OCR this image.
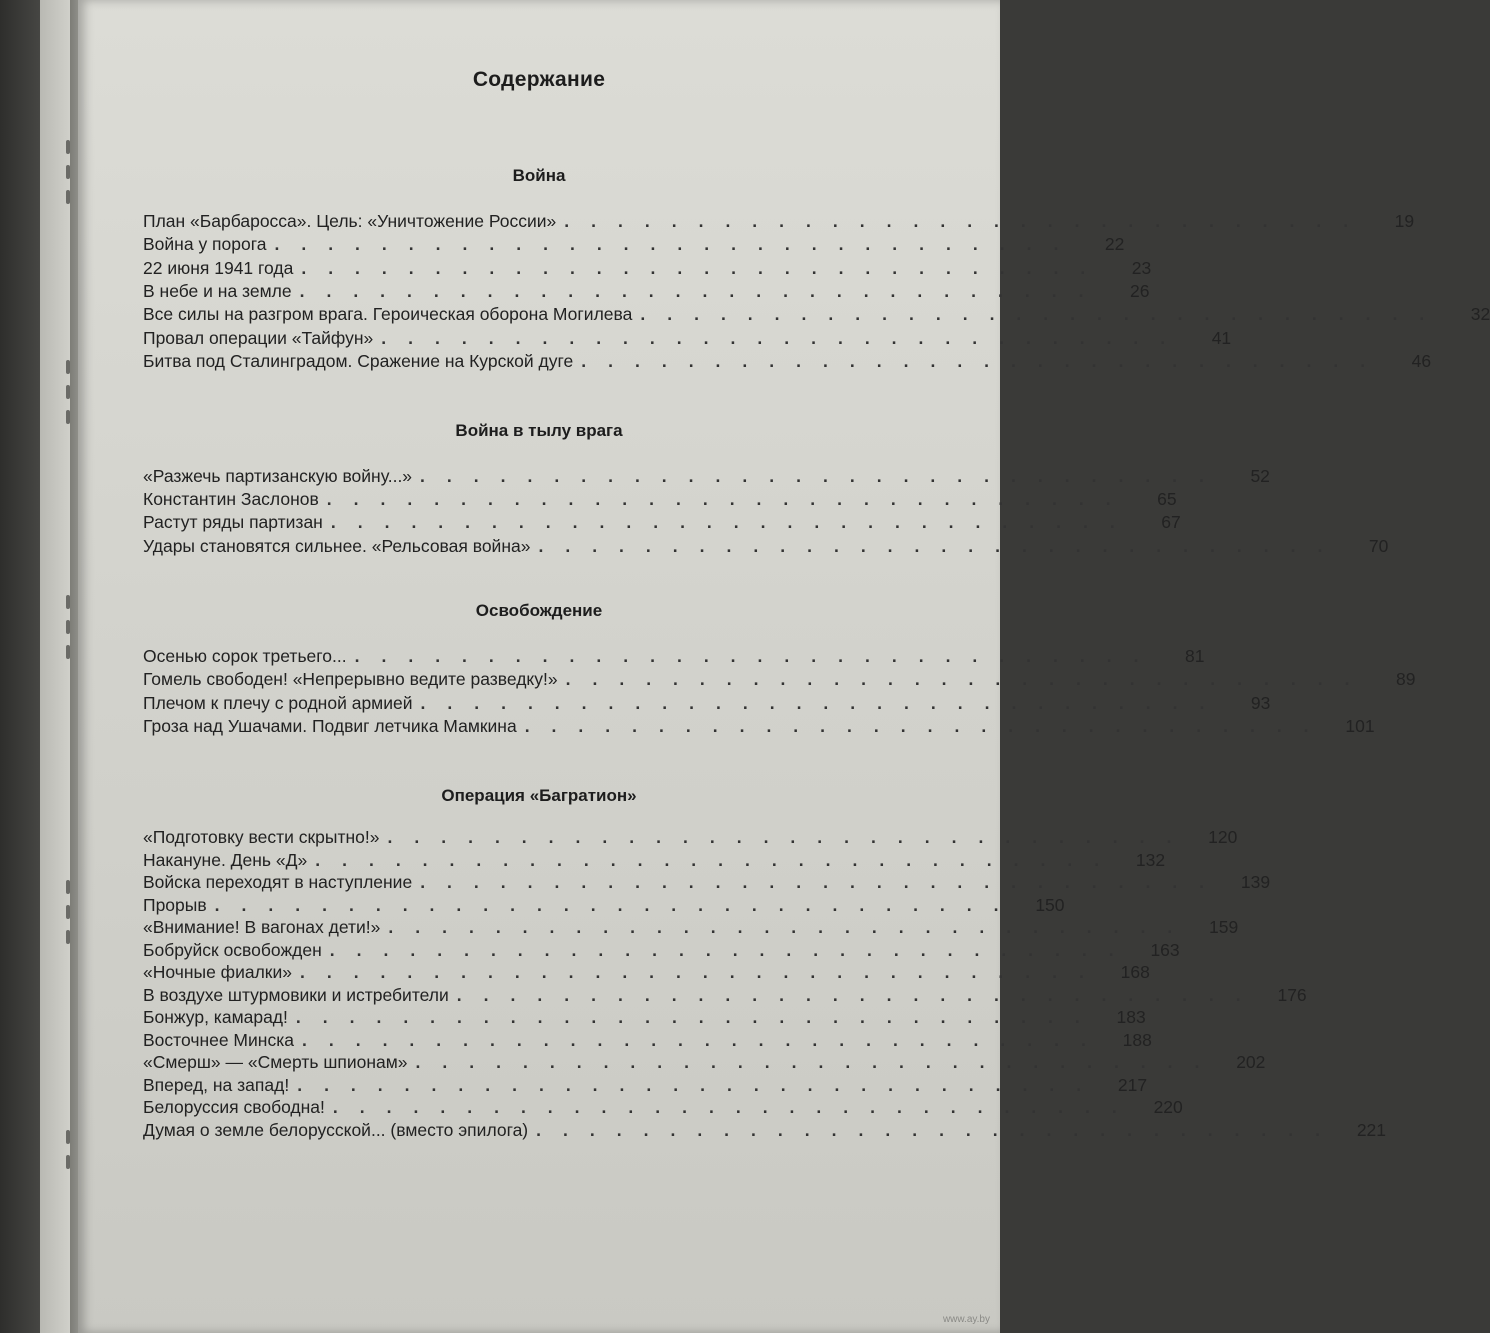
Содержание
Война
План «Барбаросса». Цель: «Уничтожение России» ..............................	19
Война у порога ..............................	22
22 июня 1941 года ..............................	23
В небе и на земле ..............................	26
Все силы на разгром врага. Героическая оборона Могилева ..............................	32
Провал операции «Тайфун» ..............................	41
Битва под Сталинградом. Сражение на Курской дуге ..............................	46
Война в тылу врага
«Разжечь партизанскую войну...» ..............................	52
Константин Заслонов ..............................	65
Растут ряды партизан ..............................	67
Удары становятся сильнее. «Рельсовая война» ..............................	70
Освобождение
Осенью сорок третьего... ..............................	81
Гомель свободен! «Непрерывно ведите разведку!» ..............................	89
Плечом к плечу с родной армией ..............................	93
Гроза над Ушачами. Подвиг летчика Мамкина .............................. 101
Операция «Багратион»
«Подготовку вести скрытно!» .............................. 120
Накануне. День «Д» .............................. 132
Войска переходят в наступление .............................. 139
Прорыв .............................. 150
«Внимание! В вагонах дети!» .............................. 159
Бобруйск освобожден .............................. 163
«Ночные фиалки» .............................. 168
В воздухе штурмовики и истребители .............................. 176
Бонжур, камарад! .............................. 183
Восточнее Минска .............................. 188
«Смерш» — «Смерть шпионам» .............................. 202
Вперед, на запад! .............................. 217
Белоруссия свободна! .............................. 220
Думая о земле белорусской... (вместо эпилога) .............................. 221
www.ay.by
